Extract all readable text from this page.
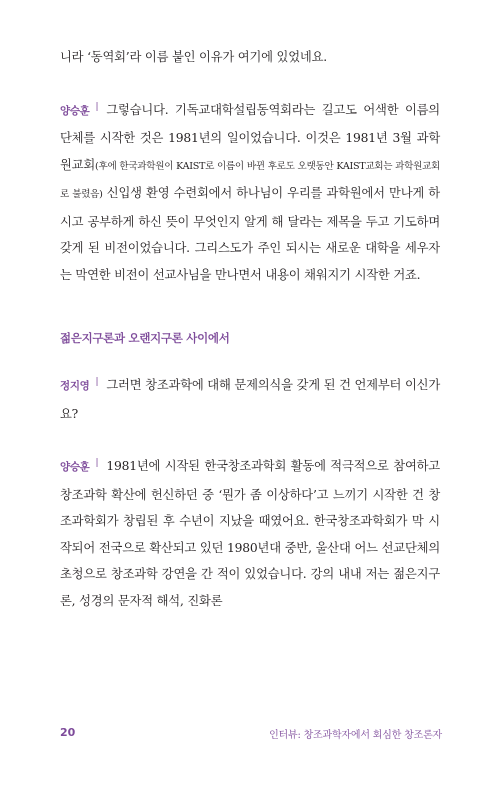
니라 ‘동역회’라 이름 붙인 이유가 여기에 있었네요.

양승훈 | 그렇습니다. 기독교대학설립동역회라는 길고도 어색한 이름의 단체를 시작한 것은 1981년의 일이었습니다. 이것은 1981년 3월 과학원교회(후에 한국과학원이 KAIST로 이름이 바뀐 후로도 오랫동안 KAIST교회는 과학원교회로 불렸음) 신입생 환영 수련회에서 하나님이 우리를 과학원에서 만나게 하시고 공부하게 하신 뜻이 무엇인지 알게 해 달라는 제목을 두고 기도하며 갖게 된 비전이었습니다. 그리스도가 주인 되시는 새로운 대학을 세우자는 막연한 비전이 선교사님을 만나면서 내용이 채워지기 시작한 거죠.

젊은지구론과 오랜지구론 사이에서

정지영 | 그러면 창조과학에 대해 문제의식을 갖게 된 건 언제부터 이신가요?

양승훈 | 1981년에 시작된 한국창조과학회 활동에 적극적으로 참여하고 창조과학 확산에 헌신하던 중 ‘뭔가 좀 이상하다’고 느끼기 시작한 건 창조과학회가 창립된 후 수년이 지났을 때였어요. 한국창조과학회가 막 시작되어 전국으로 확산되고 있던 1980년대 중반, 울산대 어느 선교단체의 초청으로 창조과학 강연을 간 적이 있었습니다. 강의 내내 저는 젊은지구론, 성경의 문자적 해석, 진화론

20	인터뷰: 창조과학자에서 회심한 창조론자
